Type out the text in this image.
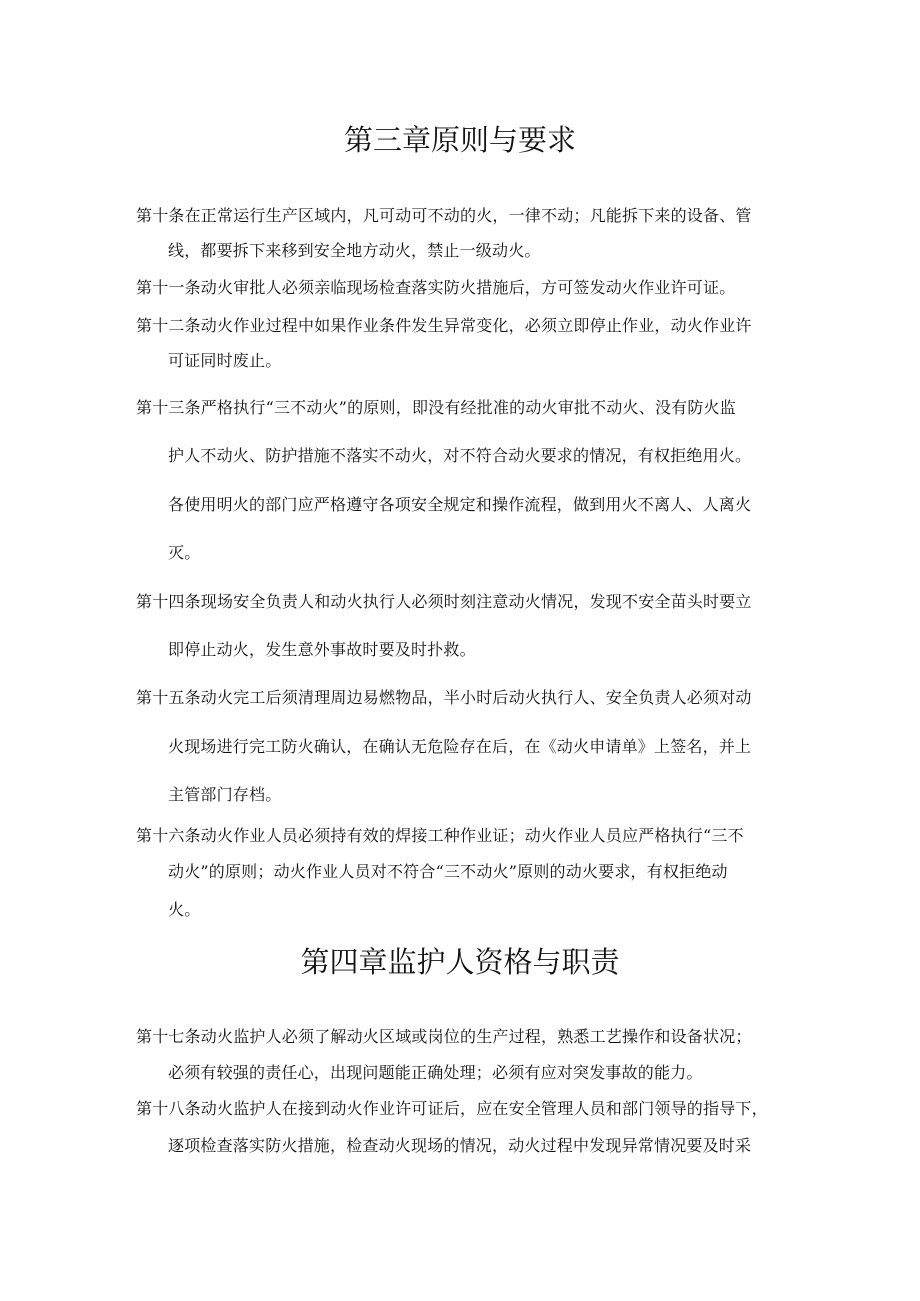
第三章原则与要求
第十条在正常运行生产区域内，凡可动可不动的火，一律不动；凡能拆下来的设备、管
线，都要拆下来移到安全地方动火，禁止一级动火。
第十一条动火审批人必须亲临现场检查落实防火措施后，方可签发动火作业许可证。
第十二条动火作业过程中如果作业条件发生异常变化，必须立即停止作业，动火作业许
可证同时废止。
第十三条严格执行“三不动火”的原则，即没有经批准的动火审批不动火、没有防火监
护人不动火、防护措施不落实不动火，对不符合动火要求的情况，有权拒绝用火。
各使用明火的部门应严格遵守各项安全规定和操作流程，做到用火不离人、人离火
灭。
第十四条现场安全负责人和动火执行人必须时刻注意动火情况，发现不安全苗头时要立
即停止动火，发生意外事故时要及时扑救。
第十五条动火完工后须清理周边易燃物品，半小时后动火执行人、安全负责人必须对动
火现场进行完工防火确认，在确认无危险存在后，在《动火申请单》上签名，并上
主管部门存档。
第十六条动火作业人员必须持有效的焊接工种作业证；动火作业人员应严格执行“三不
动火”的原则；动火作业人员对不符合“三不动火”原则的动火要求，有权拒绝动
火。
第四章监护人资格与职责
第十七条动火监护人必须了解动火区域或岗位的生产过程，熟悉工艺操作和设备状况；
必须有较强的责任心，出现问题能正确处理；必须有应对突发事故的能力。
第十八条动火监护人在接到动火作业许可证后，应在安全管理人员和部门领导的指导下，
逐项检查落实防火措施，检查动火现场的情况，动火过程中发现异常情况要及时采
